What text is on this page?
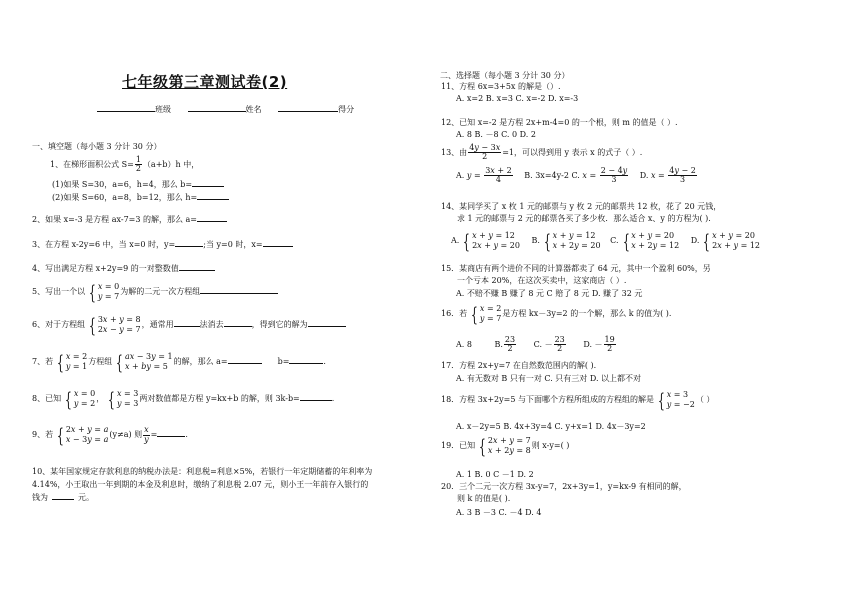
七年级第三章测试卷(2)
班级	姓名	得分
一、填空题（每小题 3 分计 30 分）
1、在梯形面积公式 $S= \frac{1}{2} (a+b)h$ 中，
(1)如果 S=30，a=6，h=4，那么 b=
(2)如果 S=60，a=8，b=12，那么 h=
2、如果 x=-3 是方程 ax-7=3 的解，那么 a=
3、在方程 x-2y=6 中，当 x=0 时，y=	;当 y=0 时，x=
4、写出满足方程 x+2y=9 的一对整数值
5、写出一个以 { x = 0
y = 7
为解的二元一次方程组
6、对于方程组 { 3x + y = 8
2x − y = 7
，通常用	法消去	，得到它的解为
7、若 { x = 2
y = 1
方程组 { ax − 3y = 1
x + by = 5
的解，那么 a=	b=	.
8、已知 { x = 0
y = 2
， { x = 3
y = 3
两对数值都是方程 y=kx+b 的解，则 3k-b=	.
9、若 { 2x + y = a
x − 3y = a
(y≠a) 则 $\frac{x}{y}$ =	.
10、某年国家规定存款利息的纳税办法是：利息税=利息×5%，若银行一年定期储蓄的年利率为
4.14%，小王取出一年到期的本金及利息时，缴纳了利息税 2.07 元，则小王一年前存入银行的
钱为	元。
二、选择题（每小题 3 分计 30 分）
11、方程 6x=3+5x 的解是（）.
A. x=2 B. x=3 C. x=-2 D. x=-3
12、已知 x=-2 是方程 2x+m-4=0 的一个根，则 m 的值是（ ）.
A. 8 B. －8 C. 0 D. 2
13、由 $\frac{4y - 3x}{2} =1$，可以得到用 y 表示 x 的式子（ ）.
A. $y = \frac{3x + 2}{4} B$. 3x=4y-2 C. $x = \frac{2 - 4y}{3} D$. $x = \frac{4y - 2}{3}$
14、某同学买了 x 枚 1 元的邮票与 y 枚 2 元的邮票共 12 枚，花了 20 元钱，
求 1 元的邮票与 2 元的邮票各买了多少枚．那么适合 x、y 的方程为( ).
A. { x + y = 12
2x + y = 20
B. { x + y = 12
x + 2y = 20
C. { x + y = 20
x + 2y = 12
D. { x + y = 20
2x + y = 12
15．某商店有两个进价不同的计算器都卖了 64 元，其中一个盈利 60%，另
一个亏本 20%，在这次买卖中，这家商店（ ）.
A. 不赔不赚 B 赚了 8 元 C 赔了 8 元 D. 赚了 32 元
16．若 { x = 2
y = 7
是方程 kx－3y=2 的一个解，那么 k 的值为( ).
A. 8	B. $\frac{23}{2} C$. － $\frac{23}{2} D$. － $\frac{19}{2}$
17．方程 2x+y=7 在自然数范围内的解( ).
A. 有无数对 B 只有一对 C. 只有三对 D. 以上都不对
18．方程 3x+2y=5 与下面哪个方程所组成的方程组的解是 { x = 3
y = −2
（ ）
A. x－2y=5 B. 4x+3y=4 C. y+x=1 D. 4x－3y=2
19．已知 { 2x + y = 7
x + 2y = 8
则 x-y=( )
A. 1 B. 0 C －1 D. 2
20．三个二元一次方程 3x-y=7，2x+3y=1，y=kx-9 有相同的解，
则 k 的值是( ).
A. 3 B －3 C. －4 D. 4
